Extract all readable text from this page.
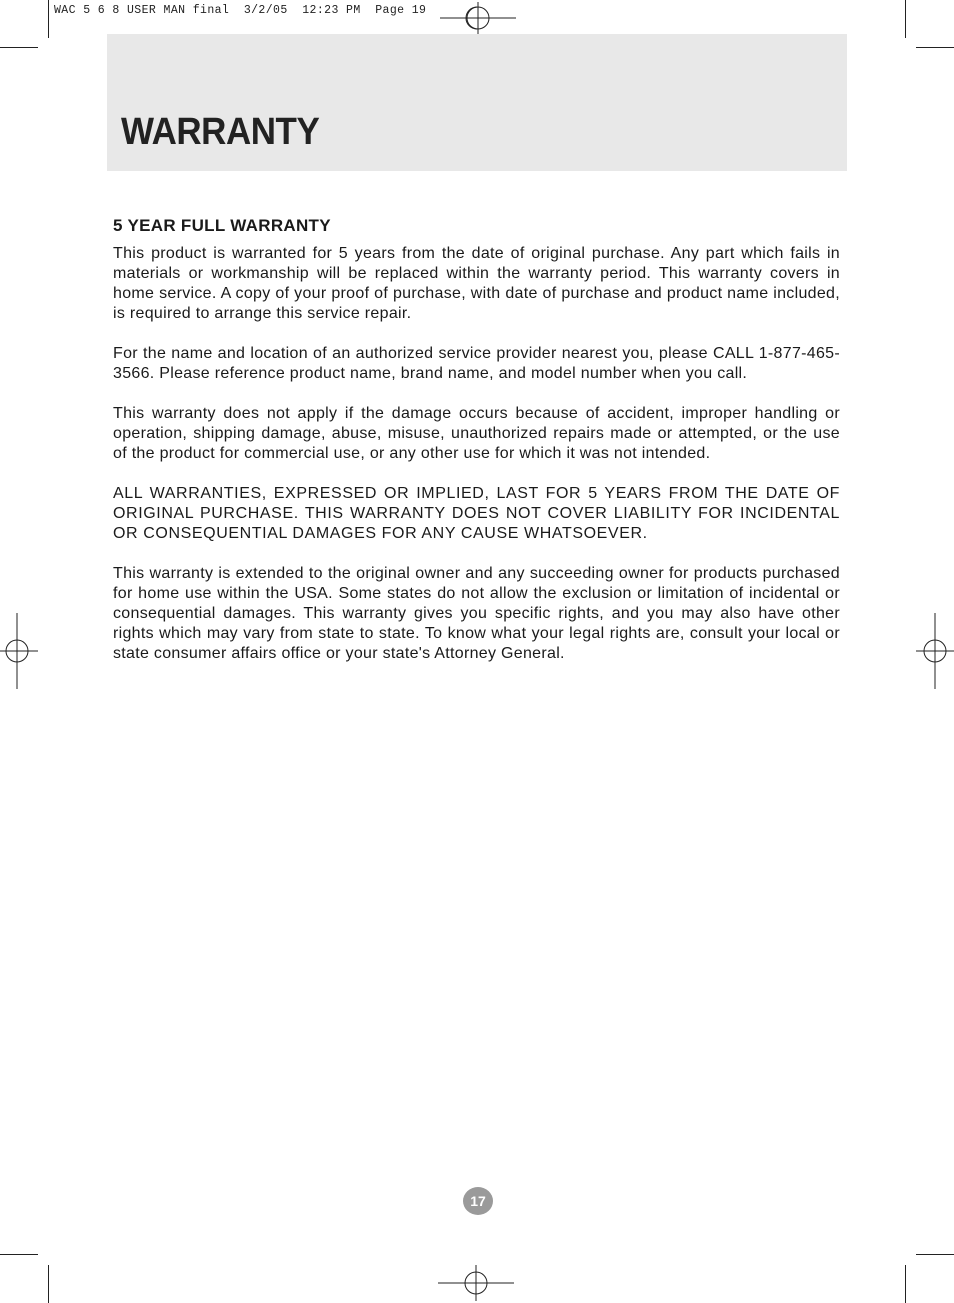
WAC 5 6 8 USER MAN final  3/2/05  12:23 PM  Page 19
WARRANTY
5 YEAR FULL WARRANTY

This product is warranted for 5 years from the date of original purchase. Any part which fails in materials or workmanship will be replaced within the warranty period. This warranty covers in home service. A copy of your proof of purchase, with date of purchase and product name included, is required to arrange this service repair.

For the name and location of an authorized service provider nearest you, please CALL 1-877-465-3566. Please reference product name, brand name, and model number when you call.

This warranty does not apply if the damage occurs because of accident, improper handling or operation, shipping damage, abuse, misuse, unauthorized repairs made or attempted, or the use of the product for commercial use, or any other use for which it was not intended.

ALL WARRANTIES, EXPRESSED OR IMPLIED, LAST FOR 5 YEARS FROM THE DATE OF ORIGINAL PURCHASE. THIS WARRANTY DOES NOT COVER LIABILITY FOR INCIDENTAL OR CONSEQUENTIAL DAMAGES FOR ANY CAUSE WHATSOEVER.

This warranty is extended to the original owner and any succeeding owner for products purchased for home use within the USA. Some states do not allow the exclusion or limitation of incidental or consequential damages. This warranty gives you specific rights, and you may also have other rights which may vary from state to state. To know what your legal rights are, consult your local or state consumer affairs office or your state's Attorney General.

17
